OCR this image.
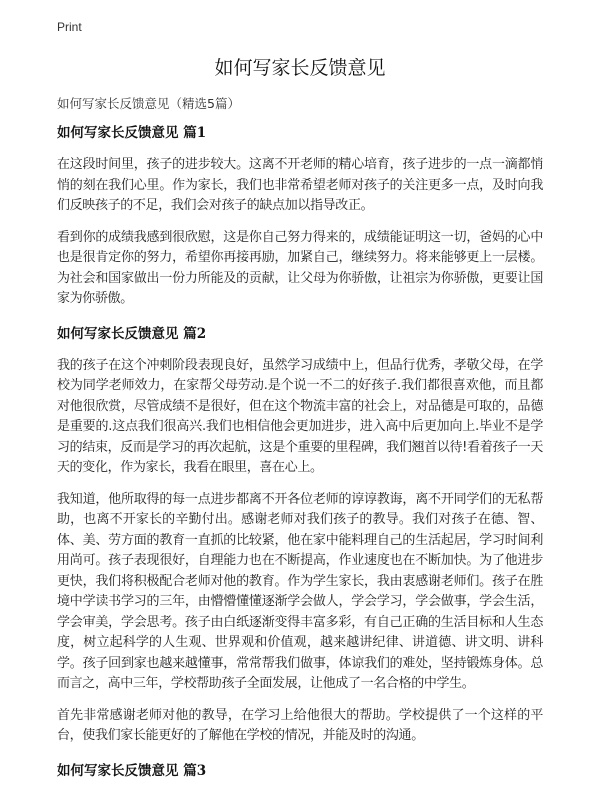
Print
如何写家长反馈意见
如何写家长反馈意见（精选5篇）
如何写家长反馈意见 篇1

在这段时间里，孩子的进步较大。这离不开老师的精心培育，孩子进步的一点一滴都悄悄的刻在我们心里。作为家长，我们也非常希望老师对孩子的关注更多一点，及时向我们反映孩子的不足，我们会对孩子的缺点加以指导改正。

看到你的成绩我感到很欣慰，这是你自己努力得来的，成绩能证明这一切，爸妈的心中也是很肯定你的努力，希望你再接再励，加紧自己，继续努力。将来能够更上一层楼。为社会和国家做出一份力所能及的贡献，让父母为你骄傲，让祖宗为你骄傲，更要让国家为你骄傲。

如何写家长反馈意见 篇2

我的孩子在这个冲刺阶段表现良好，虽然学习成绩中上，但品行优秀，孝敬父母，在学校为同学老师效力，在家帮父母劳动.是个说一不二的好孩子.我们都很喜欢他，而且都对他很欣赏，尽管成绩不是很好，但在这个物流丰富的社会上，对品德是可取的，品德是重要的.这点我们很高兴.我们也相信他会更加进步，进入高中后更加向上.毕业不是学习的结束，反而是学习的再次起航，这是个重要的里程碑，我们翘首以待!看着孩子一天天的变化，作为家长，我看在眼里，喜在心上。

我知道，他所取得的每一点进步都离不开各位老师的谆谆教诲，离不开同学们的无私帮助，也离不开家长的辛勤付出。感谢老师对我们孩子的教导。我们对孩子在德、智、体、美、劳方面的教育一直抓的比较紧，他在家中能料理自己的生活起居，学习时间利用尚可。孩子表现很好，自理能力也在不断提高，作业速度也在不断加快。为了他进步更快，我们将积极配合老师对他的教育。作为学生家长，我由衷感谢老师们。孩子在胜境中学读书学习的三年，由懵懵懂懂逐渐学会做人，学会学习，学会做事，学会生活，学会审美，学会思考。孩子由白纸逐渐变得丰富多彩，有自己正确的生活目标和人生态度，树立起科学的人生观、世界观和价值观，越来越讲纪律、讲道德、讲文明、讲科学。孩子回到家也越来越懂事，常常帮我们做事，体谅我们的难处，坚持锻炼身体。总而言之，高中三年，学校帮助孩子全面发展，让他成了一名合格的中学生。

首先非常感谢老师对他的教导，在学习上给他很大的帮助。学校提供了一个这样的平台，使我们家长能更好的了解他在学校的情况，并能及时的沟通。

如何写家长反馈意见 篇3
